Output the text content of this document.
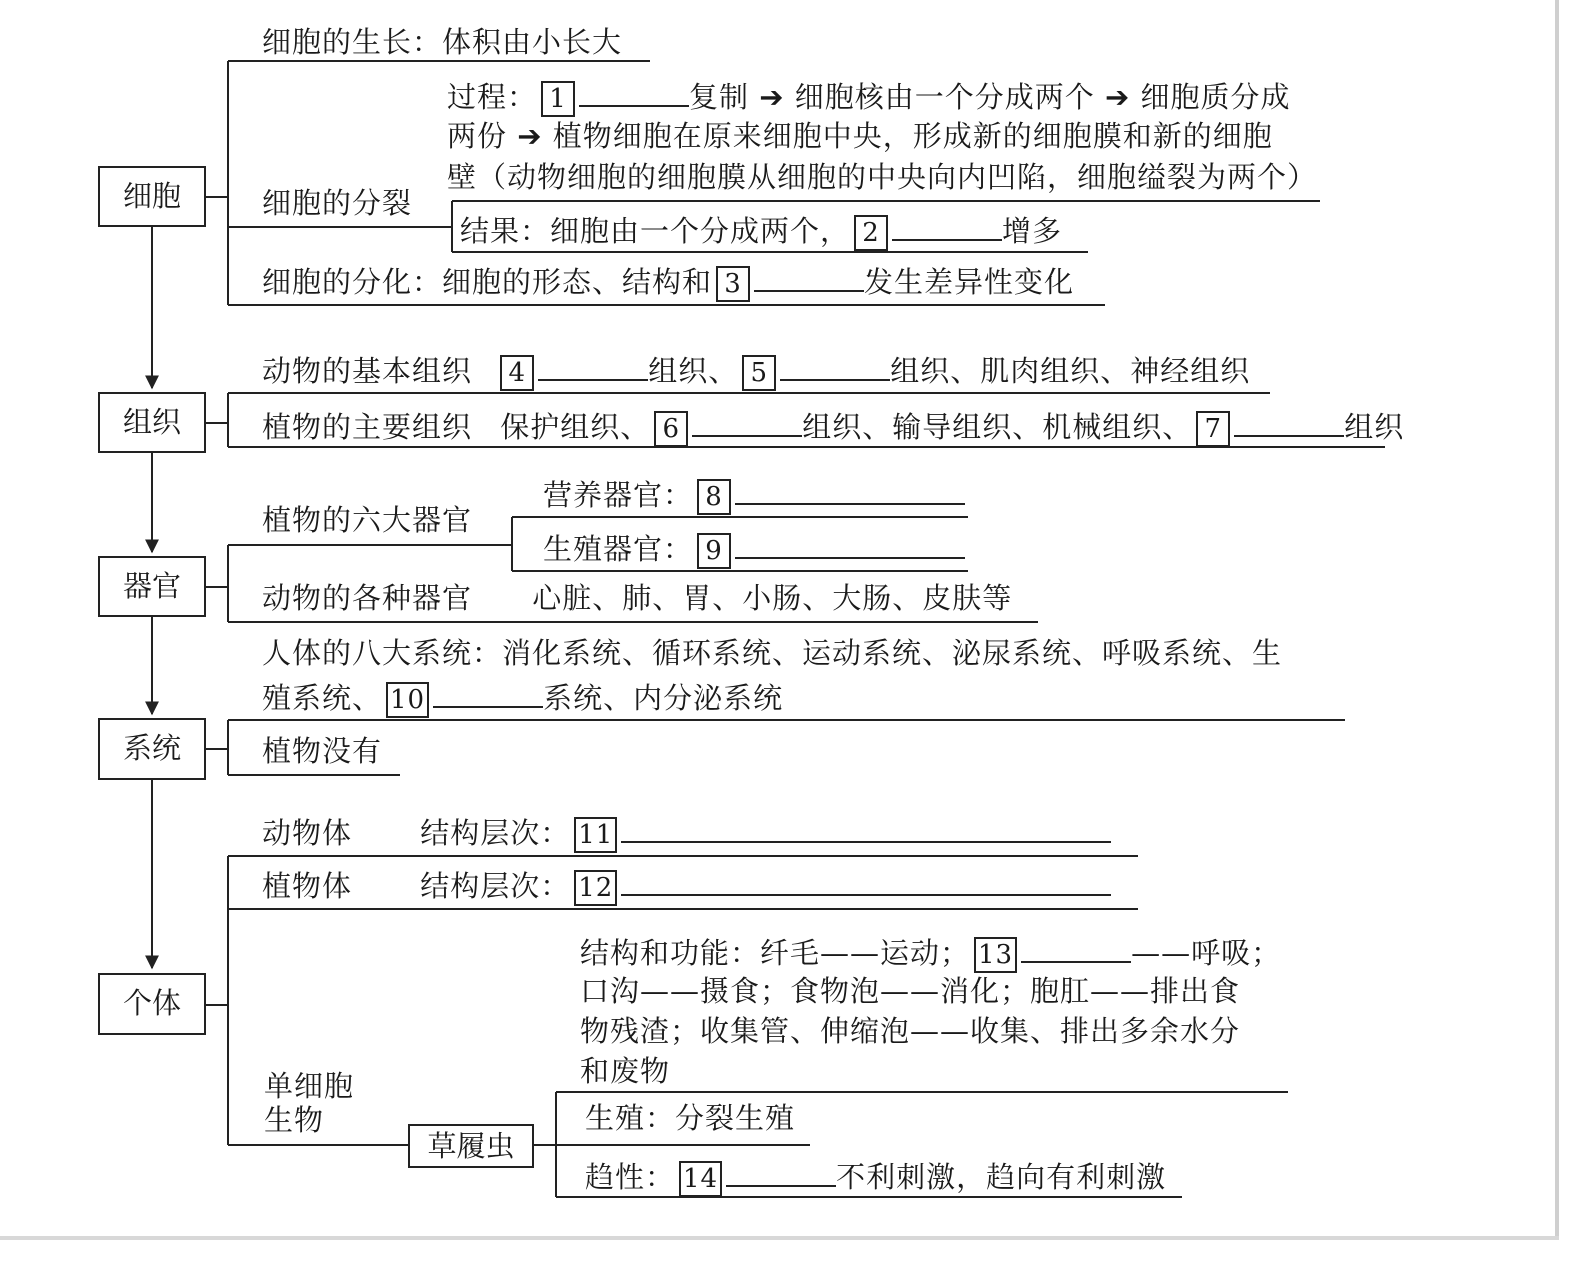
细胞
组织
器官
系统
个体
细胞的生长：体积由小长大
细胞的分裂
过程： 1	复制 ➔ 细胞核由一个分成两个 ➔ 细胞质分成
两份 ➔ 植物细胞在原来细胞中央，形成新的细胞膜和新的细胞
壁（动物细胞的细胞膜从细胞的中央向内凹陷，细胞缢裂为两个）
结果：细胞由一个分成两个， 2	增多
细胞的分化：细胞的形态、结构和 3	发生差异性变化
动物的基本组织 4	组织、 5	组织、肌肉组织、神经组织
植物的主要组织 保护组织、 6	组织、输导组织、机械组织、 7	组织
植物的六大器官
营养器官： 8
生殖器官： 9
动物的各种器官 心脏、肺、胃、小肠、大肠、皮肤等
人体的八大系统：消化系统、循环系统、运动系统、泌尿系统、呼吸系统、生
殖系统、 10	系统、内分泌系统
植物没有
动物体 结构层次： 11
植物体 结构层次： 12
结构和功能：纤毛——运动； 13	——呼吸；
口沟——摄食；食物泡——消化；胞肛——排出食
物残渣；收集管、伸缩泡——收集、排出多余水分
和废物
单细胞
生物
草履虫
生殖：分裂生殖
趋性： 14	不利刺激，趋向有利刺激
